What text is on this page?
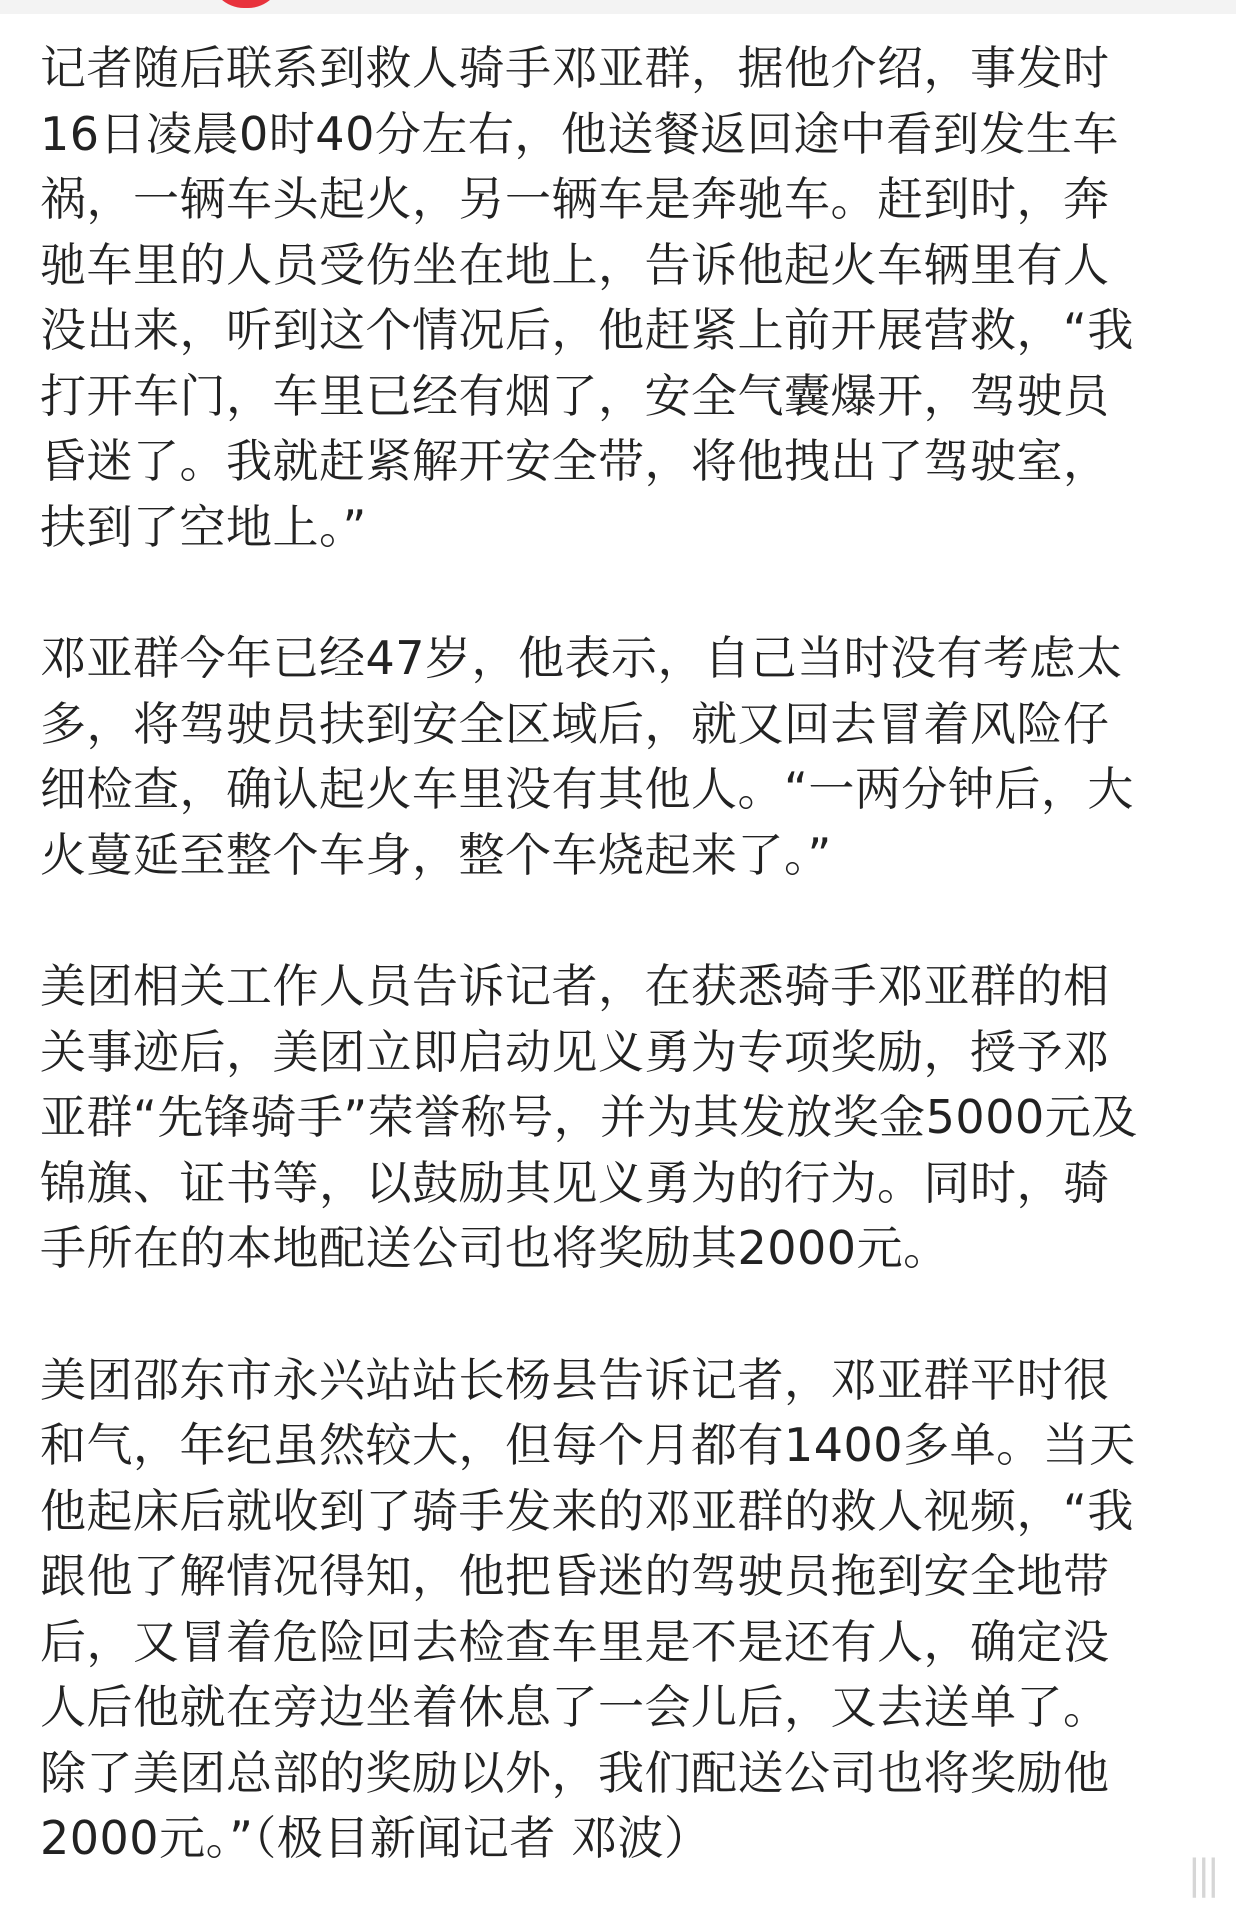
记者随后联系到救人骑手邓亚群，据他介绍，事发时
16日凌晨0时40分左右，他送餐返回途中看到发生车
祸，一辆车头起火，另一辆车是奔驰车。赶到时，奔
驰车里的人员受伤坐在地上，告诉他起火车辆里有人
没出来，听到这个情况后，他赶紧上前开展营救，“我
打开车门，车里已经有烟了，安全气囊爆开，驾驶员
昏迷了。我就赶紧解开安全带，将他拽出了驾驶室，
扶到了空地上。”

邓亚群今年已经47岁，他表示，自己当时没有考虑太
多，将驾驶员扶到安全区域后，就又回去冒着风险仔
细检查，确认起火车里没有其他人。“一两分钟后，大
火蔓延至整个车身，整个车烧起来了。”

美团相关工作人员告诉记者，在获悉骑手邓亚群的相
关事迹后，美团立即启动见义勇为专项奖励，授予邓
亚群“先锋骑手”荣誉称号，并为其发放奖金5000元及
锦旗、证书等，以鼓励其见义勇为的行为。同时，骑
手所在的本地配送公司也将奖励其2000元。

美团邵东市永兴站站长杨县告诉记者，邓亚群平时很
和气，年纪虽然较大，但每个月都有1400多单。当天
他起床后就收到了骑手发来的邓亚群的救人视频，“我
跟他了解情况得知，他把昏迷的驾驶员拖到安全地带
后，又冒着危险回去检查车里是不是还有人，确定没
人后他就在旁边坐着休息了一会儿后，又去送单了。
除了美团总部的奖励以外，我们配送公司也将奖励他
2000元。”（极目新闻记者 邓波）

|||
